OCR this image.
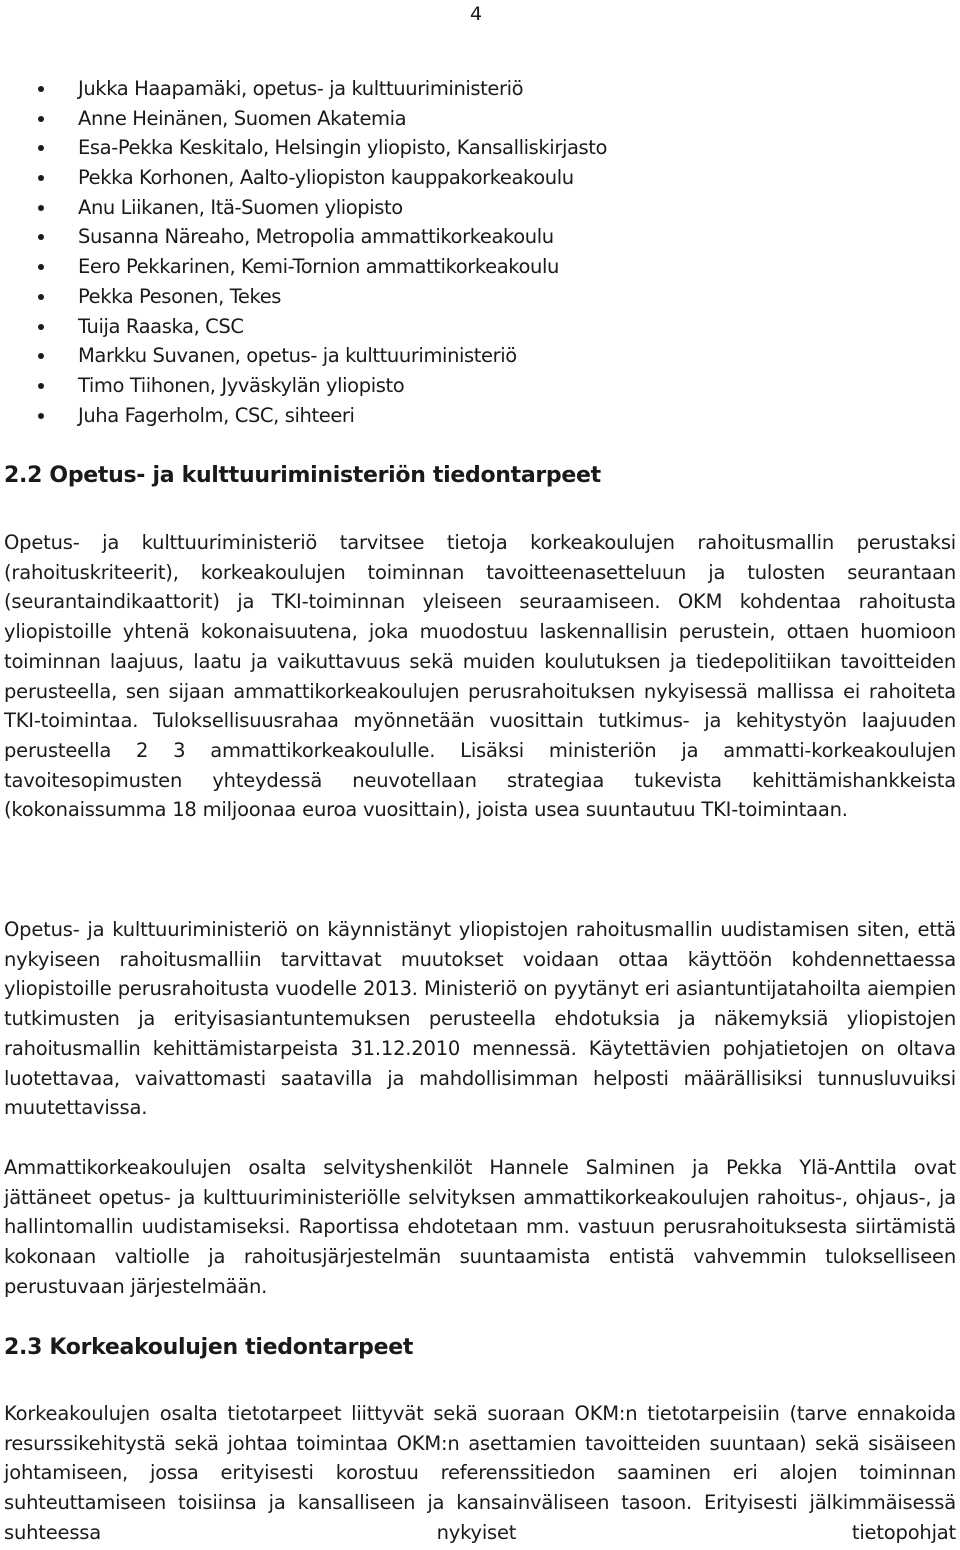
4
Jukka Haapamäki, opetus- ja kulttuuriministeriö
Anne Heinänen, Suomen Akatemia
Esa-Pekka Keskitalo, Helsingin yliopisto, Kansalliskirjasto
Pekka Korhonen, Aalto-yliopiston kauppakorkeakoulu
Anu Liikanen, Itä-Suomen yliopisto
Susanna Näreaho, Metropolia ammattikorkeakoulu
Eero Pekkarinen, Kemi-Tornion ammattikorkeakoulu
Pekka Pesonen, Tekes
Tuija Raaska, CSC
Markku Suvanen, opetus- ja kulttuuriministeriö
Timo Tiihonen, Jyväskylän yliopisto
Juha Fagerholm, CSC, sihteeri
2.2 Opetus- ja kulttuuriministeriön tiedontarpeet

Opetus- ja kulttuuriministeriö tarvitsee tietoja korkeakoulujen rahoitusmallin perustaksi (rahoituskriteerit), korkeakoulujen toiminnan tavoitteenasetteluun ja tulosten seurantaan (seurantaindikaattorit) ja TKI-toiminnan yleiseen seuraamiseen. OKM kohdentaa rahoitusta yliopistoille yhtenä kokonaisuutena, joka muodostuu laskennallisin perustein, ottaen huomioon toiminnan laajuus, laatu ja vaikuttavuus sekä muiden koulutuksen ja tiedepolitiikan tavoitteiden perusteella, sen sijaan ammattikorkeakoulujen perusrahoituksen nykyisessä mallissa ei rahoiteta TKI-toimintaa. Tuloksellisuusrahaa myönnetään vuosittain tutkimus- ja kehitystyön laajuuden perusteella 2 3 ammattikorkeakoululle. Lisäksi ministeriön ja ammatti-korkeakoulujen tavoitesopimusten yhteydessä neuvotellaan strategiaa tukevista kehittämishankkeista (kokonaissumma 18 miljoonaa euroa vuosittain), joista usea suuntautuu TKI-toimintaan.

Opetus- ja kulttuuriministeriö on käynnistänyt yliopistojen rahoitusmallin uudistamisen siten, että nykyiseen rahoitusmalliin tarvittavat muutokset voidaan ottaa käyttöön kohdennettaessa yliopistoille perusrahoitusta vuodelle 2013. Ministeriö on pyytänyt eri asiantuntijatahoilta aiempien tutkimusten ja erityisasiantuntemuksen perusteella ehdotuksia ja näkemyksiä yliopistojen rahoitusmallin kehittämistarpeista 31.12.2010 mennessä. Käytettävien pohjatietojen on oltava luotettavaa, vaivattomasti saatavilla ja mahdollisimman helposti määrällisiksi tunnusluvuiksi muutettavissa.

Ammattikorkeakoulujen osalta selvityshenkilöt Hannele Salminen ja Pekka Ylä-Anttila ovat jättäneet opetus- ja kulttuuriministeriölle selvityksen ammattikorkeakoulujen rahoitus-, ohjaus-, ja hallintomallin uudistamiseksi. Raportissa ehdotetaan mm. vastuun perusrahoituksesta siirtämistä kokonaan valtiolle ja rahoitusjärjestelmän suuntaamista entistä vahvemmin tulokselliseen perustuvaan järjestelmään.

2.3 Korkeakoulujen tiedontarpeet

Korkeakoulujen osalta tietotarpeet liittyvät sekä suoraan OKM:n tietotarpeisiin (tarve ennakoida resurssikehitystä sekä johtaa toimintaa OKM:n asettamien tavoitteiden suuntaan) sekä sisäiseen johtamiseen, jossa erityisesti korostuu referenssitiedon saaminen eri alojen toiminnan suhteuttamiseen toisiinsa ja kansalliseen ja kansainväliseen tasoon. Erityisesti jälkimmäisessä suhteessa nykyiset tietopohjat
